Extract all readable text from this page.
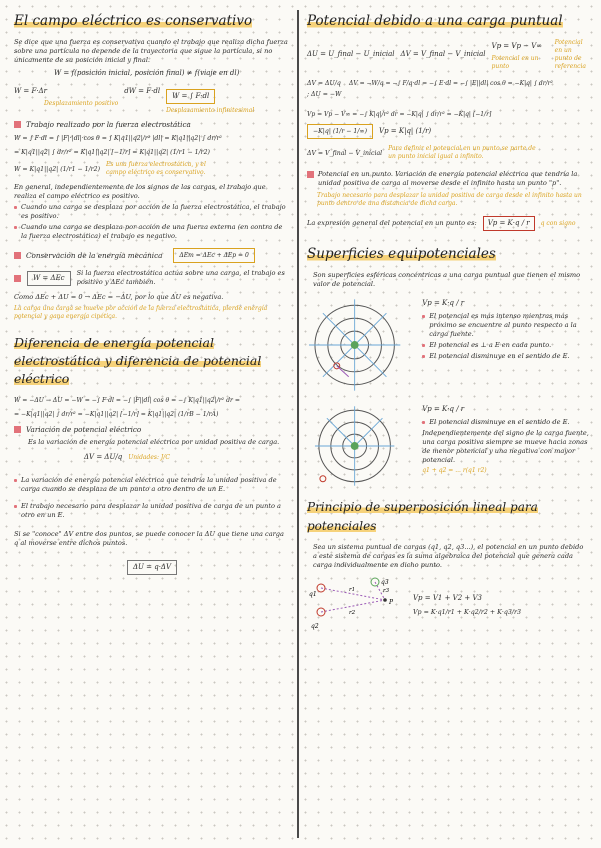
El campo eléctrico es conservativo
Se dice que una fuerza es conservativa cuando el trabajo que realiza dicha fuerza sobre una partícula no depende de la trayectoria que sigue la partícula, si no únicamente de su posición inicial y final.
W = f(posición inicial, posición final) ≠ f(viaje en dl)
W = F·Δr
Desplazamiento positivo
dW = F·dl
W = ∫ F·dl
Desplazamiento infinitesimal
Trabajo realizado por la fuerza electrostática
W = ∫ F·dl = ∫ |F|·|dl|·cos θ = ∫ K|q1||q2|/r² |dl| = K|q1||q2| ∫ dr/r²
= K|q1||q2| ∫ dr/r² = K|q1||q2| [−1/r] = K|q1||q2| (1/r1 − 1/r2)
W = K|q1||q2| (1/r1 − 1/r2)
Es una fuerza electrostática, y el campo eléctrico es conservativo.
En general, independientemente de los signos de las cargas, el trabajo que realiza el campo eléctrico es positivo.
Cuando una carga se desplaza por acción de la fuerza electrostática, el trabajo es positivo.
Cuando una carga se desplaza por acción de una fuerza externa (en contra de la fuerza electrostática) el trabajo es negativo.
Conservación de la energía mecánica	ΔEm = ΔEc + ΔEp = 0
W = ΔEc
Si la fuerza electrostática actúa sobre una carga, el trabajo es positivo y ΔEc también.
Como ΔEc + ΔU = 0 → ΔEc = −ΔU, por lo que ΔU es negativa.
La carga una carga se mueve por acción de la fuerza electrostática, pierde energía potencial y gana energía cinética.
Diferencia de energía potencial electrostática y diferencia de potencial eléctrico
W = −ΔU → ΔU = −W = −∫ F·dl = −∫ |F||dl| cos θ = −∫ K|q1||q2|/r² dr =
= −K|q1||q2| ∫ dr/r² = −K|q1||q2| [−1/r] = K|q1||q2| (1/rB − 1/rA)
Variación de potencial eléctrico
Es la variación de energía potencial eléctrica por unidad positiva de carga.
ΔV = ΔU/q Unidades: J/C
La variación de energía potencial eléctrica que tendría la unidad positiva de carga cuando se desplaza de un punto a otro dentro de un E.
El trabajo necesario para desplazar la unidad positiva de carga de un punto a otro en un E.
Si se "conoce" ΔV entre dos puntos, se puede conocer la ΔU que tiene una carga q al moverse entre dichos puntos.
ΔU = q·ΔV
Potencial debido a una carga puntual
ΔU = U_final − U_inicial ΔV = V_final − V_inicial
Vp = Vp − V∞
Potencial en un punto
Potencial en un punto de referencia
ΔV = ΔU/q ; ΔU = −W
ΔV = −W/q = −∫ F/q·dl = −∫ E·dl = −∫ |E||dl| cos θ = −K|q| ∫ dr/r²
Vp = Vp − V∞ = −∫ K|q|/r² dr = −K|q| ∫ dr/r² = −K|q| [−1/r]
−K|q| (1/r − 1/∞)	Vp = K|q| (1/r)
ΔV = V_final − V_inicial
Para definir el potencial en un punto se parte de un punto inicial igual a infinito.
Potencial en un punto. Variación de energía potencial eléctrica que tendría la unidad positiva de carga al moverse desde el infinito hasta un punto "p".
Trabajo necesario para desplazar la unidad positiva de carga desde el infinito hasta un punto dentro de una distancia de dicha carga.
La expresión general del potencial en un punto es:	Vp = K·q / r	q con signo
Superficies equipotenciales
Son superficies esféricas concéntricas a una carga puntual que tienen el mismo valor de potencial.
Vp = K·q / r
El potencial es más intenso mientras más próximo se encuentre al punto respecto a la carga fuente.
El potencial es ⊥ a E en cada punto.
El potencial disminuye en el sentido de E.
Vp = K·q / r
El potencial disminuye en el sentido de E.
Independientemente del signo de la carga fuente, una carga positiva siempre se mueve hacia zonas de menor potencial y una negativa con mayor potencial.
q1 + q2 = ... r(q1 r2)
Principio de superposición lineal para potenciales
Sea un sistema puntual de cargas (q1, q2, q3...), el potencial en un punto debido a este sistema de cargas es la suma algebraica del potencial que genera cada carga individualmente en dicho punto.
q2
q1
q3
P
r1
r2
r3
Vp = V1 + V2 + V3
Vp = K·q1/r1 + K·q2/r2 + K·q3/r3
